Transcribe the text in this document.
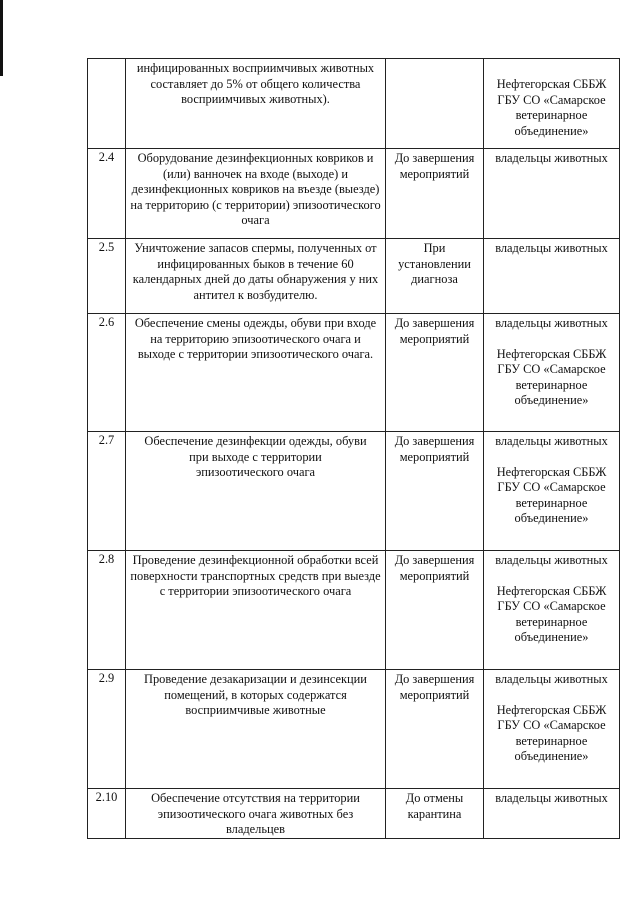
	инфицированных восприимчивых животных составляет до 5% от общего количества восприимчивых животных).		Нефтегорская СББЖ ГБУ СО «Самарское ветеринарное объединение»

2.4	Оборудование дезинфекционных ковриков и (или) ванночек на входе (выходе) и дезинфекционных ковриков на въезде (выезде) на территорию (с территории) эпизоотического очага	До завершения мероприятий	владельцы животных

2.5	Уничтожение запасов спермы, полученных от инфицированных быков в течение 60 календарных дней до даты обнаружения у них антител к возбудителю.	При установлении диагноза	владельцы животных

2.6	Обеспечение смены одежды, обуви при входе на территорию эпизоотического очага и выходе с территории эпизоотического очага.	До завершения мероприятий	владельцы животных
Нефтегорская СББЖ ГБУ СО «Самарское ветеринарное объединение»

2.7	Обеспечение дезинфекции одежды, обуви при выходе с территории эпизоотического очага	До завершения мероприятий	владельцы животных
Нефтегорская СББЖ ГБУ СО «Самарское ветеринарное объединение»

2.8	Проведение дезинфекционной обработки всей поверхности транспортных средств при выезде с территории эпизоотического очага	До завершения мероприятий	владельцы животных
Нефтегорская СББЖ ГБУ СО «Самарское ветеринарное объединение»

2.9	Проведение дезакаризации и дезинсекции помещений, в которых содержатся восприимчивые животные	До завершения мероприятий	владельцы животных
Нефтегорская СББЖ ГБУ СО «Самарское ветеринарное объединение»

2.10	Обеспечение отсутствия на территории эпизоотического очага животных без владельцев	До отмены карантина	владельцы животных
